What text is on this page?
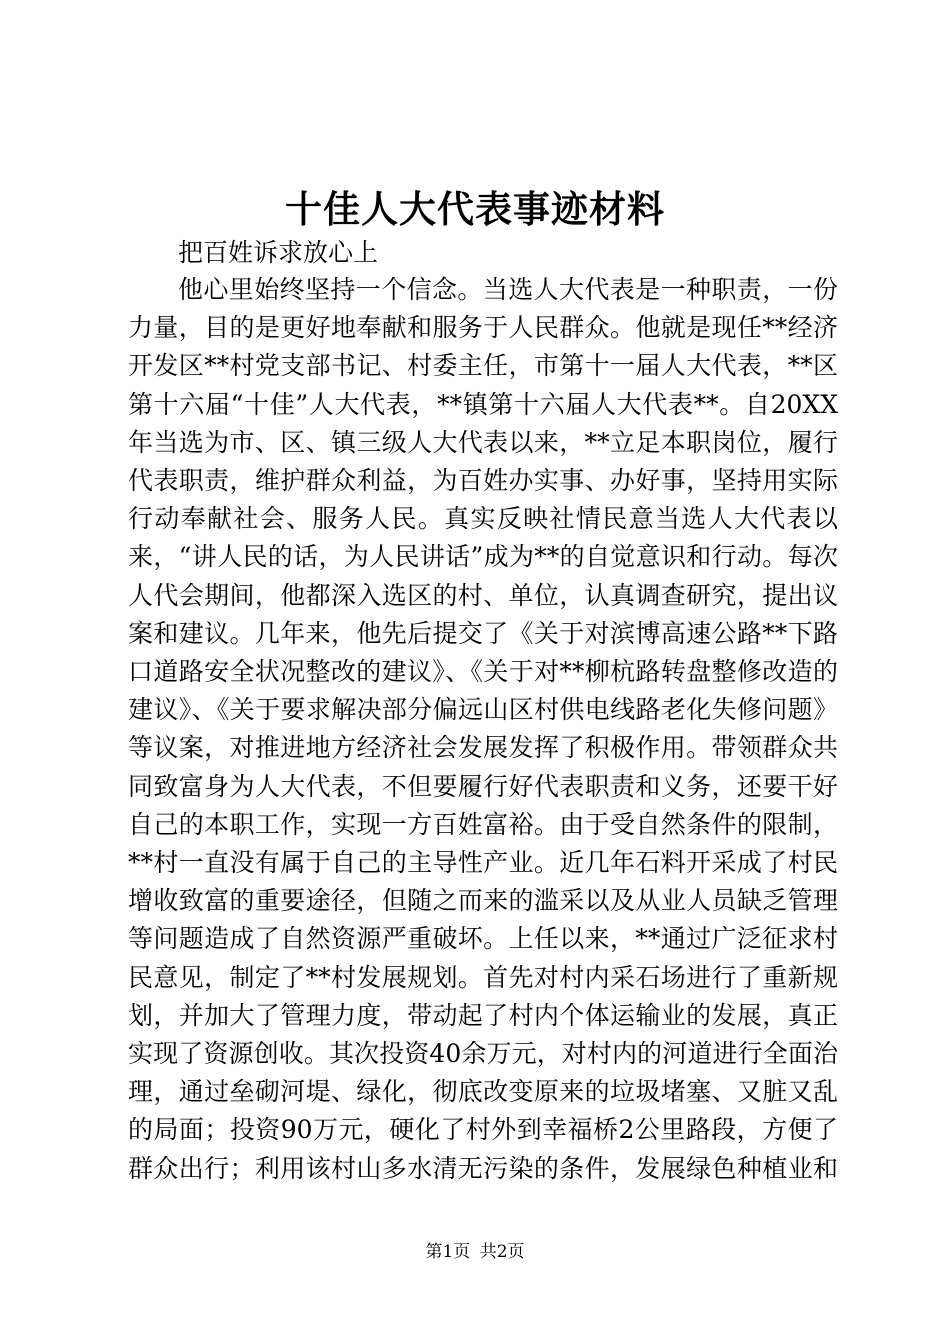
十佳人大代表事迹材料

把百姓诉求放心上

他心里始终坚持一个信念。当选人大代表是一种职责，一份力量，目的是更好地奉献和服务于人民群众。他就是现任**经济开发区**村党支部书记、村委主任，市第十一届人大代表，**区第十六届“十佳”人大代表，**镇第十六届人大代表**。自20XX年当选为市、区、镇三级人大代表以来，**立足本职岗位，履行代表职责，维护群众利益，为百姓办实事、办好事，坚持用实际行动奉献社会、服务人民。真实反映社情民意当选人大代表以来，“讲人民的话，为人民讲话”成为**的自觉意识和行动。每次人代会期间，他都深入选区的村、单位，认真调查研究，提出议案和建议。几年来，他先后提交了《关于对滨博高速公路**下路口道路安全状况整改的建议》、《关于对**柳杭路转盘整修改造的建议》、《关于要求解决部分偏远山区村供电线路老化失修问题》等议案，对推进地方经济社会发展发挥了积极作用。带领群众共同致富身为人大代表，不但要履行好代表职责和义务，还要干好自己的本职工作，实现一方百姓富裕。由于受自然条件的限制，**村一直没有属于自己的主导性产业。近几年石料开采成了村民增收致富的重要途径，但随之而来的滥采以及从业人员缺乏管理等问题造成了自然资源严重破坏。上任以来，**通过广泛征求村民意见，制定了**村发展规划。首先对村内采石场进行了重新规划，并加大了管理力度，带动起了村内个体运输业的发展，真正实现了资源创收。其次投资40余万元，对村内的河道进行全面治理，通过垒砌河堤、绿化，彻底改变原来的垃圾堵塞、又脏又乱的局面；投资90万元，硬化了村外到幸福桥2公里路段，方便了群众出行；利用该村山多水清无污染的条件，发展绿色种植业和

第1页 共2页
